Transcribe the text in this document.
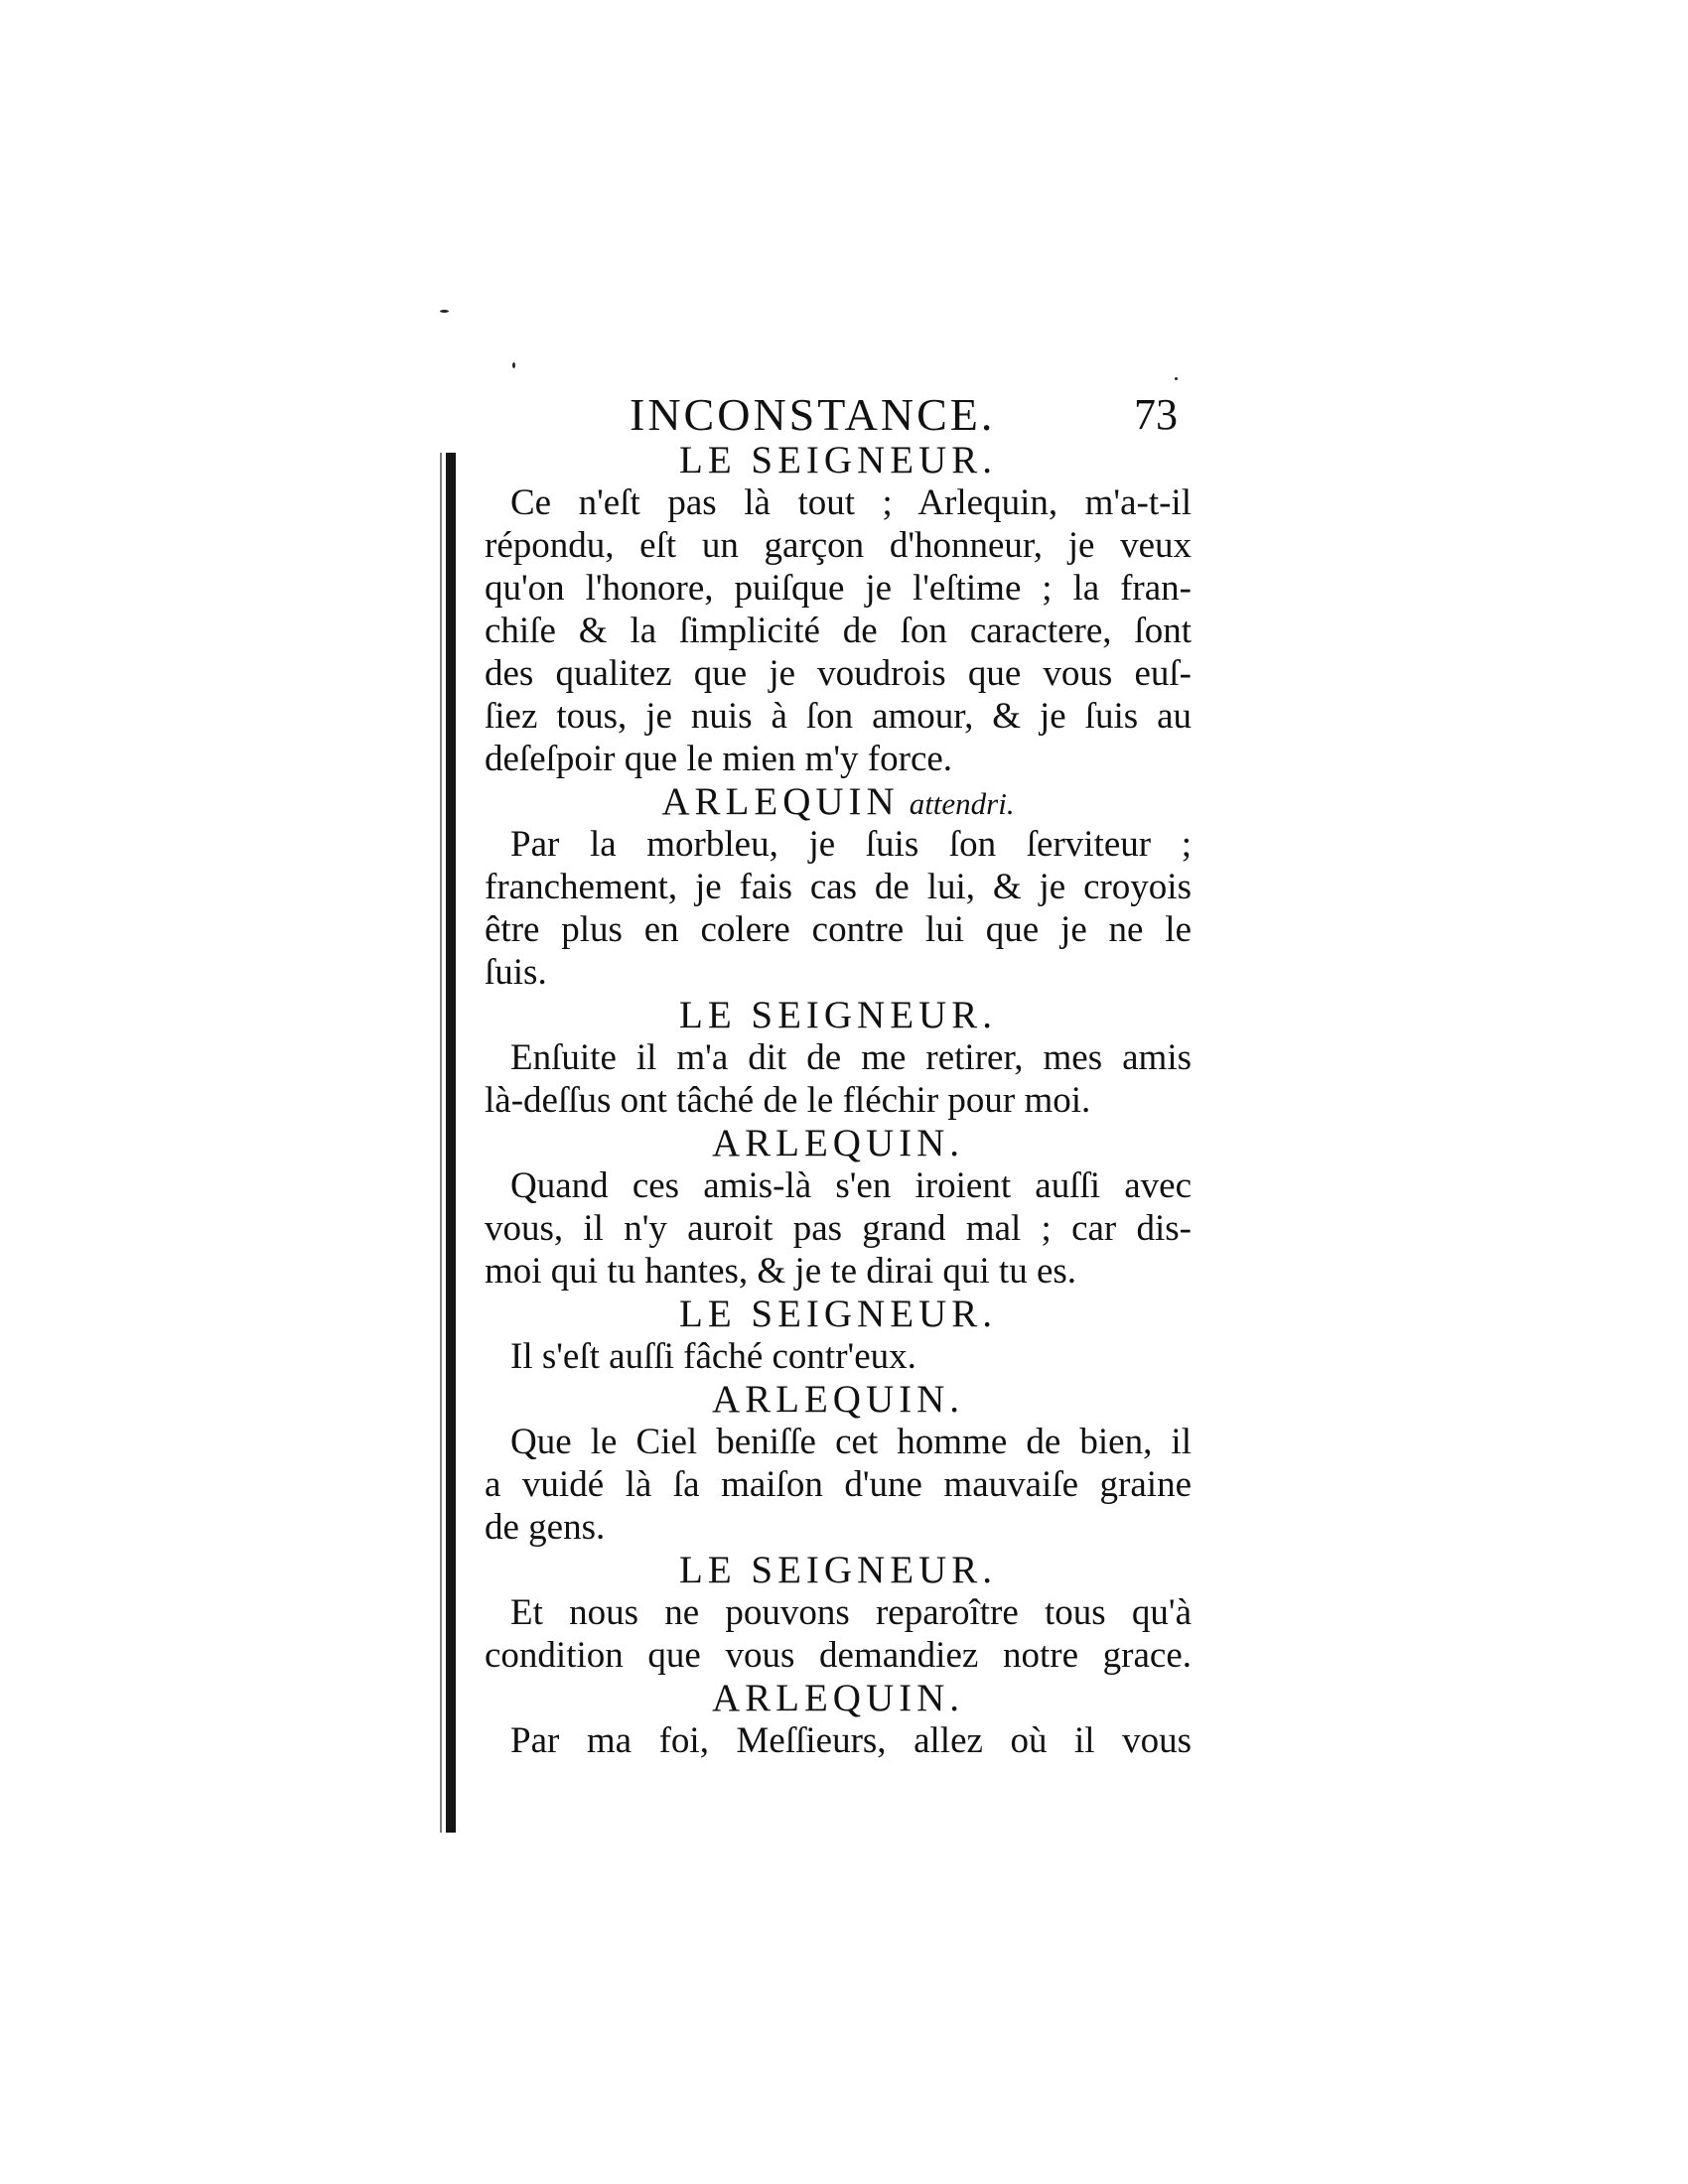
INCONSTANCE.	73
LE SEIGNEUR.
Ce n'eſt pas là tout ; Arlequin, m'a-t-il
répondu, eſt un garçon d'honneur, je veux
qu'on l'honore, puiſque je l'eſtime ; la fran-
chiſe & la ſimplicité de ſon caractere, ſont
des qualitez que je voudrois que vous euſ-
ſiez tous, je nuis à ſon amour, & je ſuis au
deſeſpoir que le mien m'y force.
ARLEQUIN attendri.
Par la morbleu, je ſuis ſon ſerviteur ;
franchement, je fais cas de lui, & je croyois
être plus en colere contre lui que je ne le
ſuis.
LE SEIGNEUR.
Enſuite il m'a dit de me retirer, mes amis
là-deſſus ont tâché de le fléchir pour moi.
ARLEQUIN.
Quand ces amis-là s'en iroient auſſi avec
vous, il n'y auroit pas grand mal ; car dis-
moi qui tu hantes, & je te dirai qui tu es.
LE SEIGNEUR.
Il s'eſt auſſi fâché contr'eux.
ARLEQUIN.
Que le Ciel beniſſe cet homme de bien, il
a vuidé là ſa maiſon d'une mauvaiſe graine
de gens.
LE SEIGNEUR.
Et nous ne pouvons reparoître tous qu'à
condition que vous demandiez notre grace.
ARLEQUIN.
Par ma foi, Meſſieurs, allez où il vous
